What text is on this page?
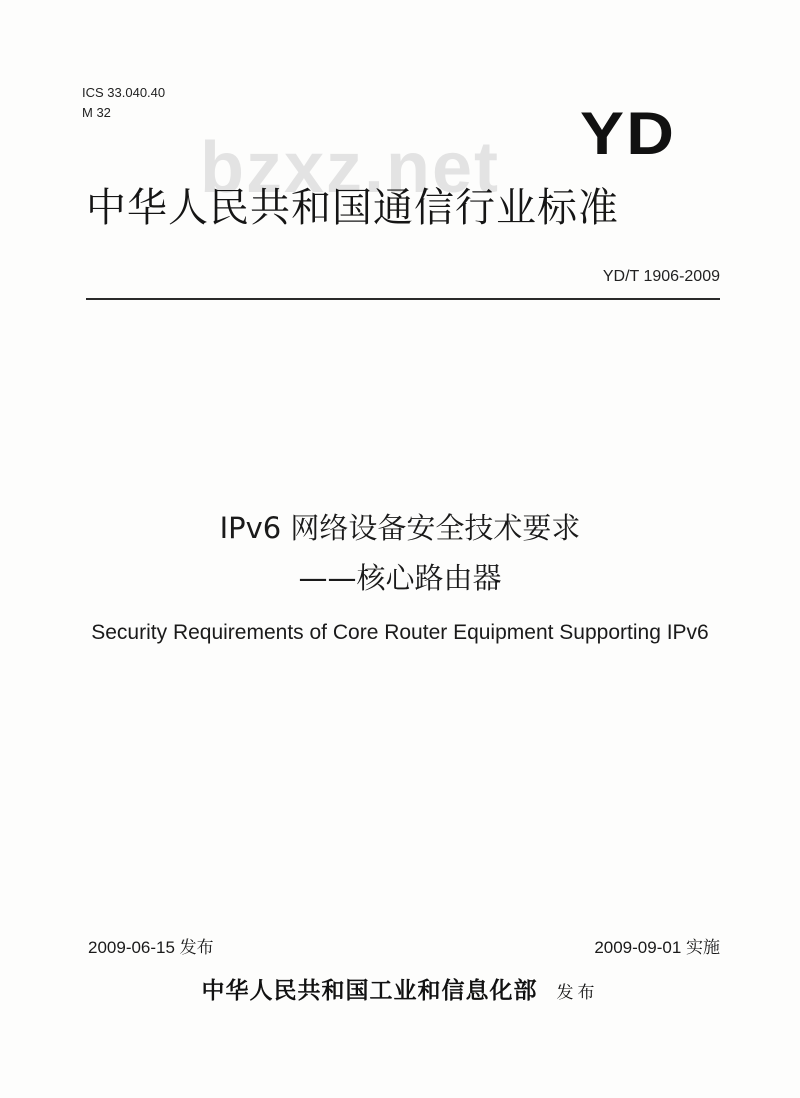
ICS 33.040.40
M 32
bzxz.net YD
中华人民共和国通信行业标准
YD/T 1906-2009
IPv6 网络设备安全技术要求
——核心路由器
Security Requirements of Core Router Equipment Supporting IPv6
2009-06-15 发布	2009-09-01 实施
中华人民共和国工业和信息化部 发布
